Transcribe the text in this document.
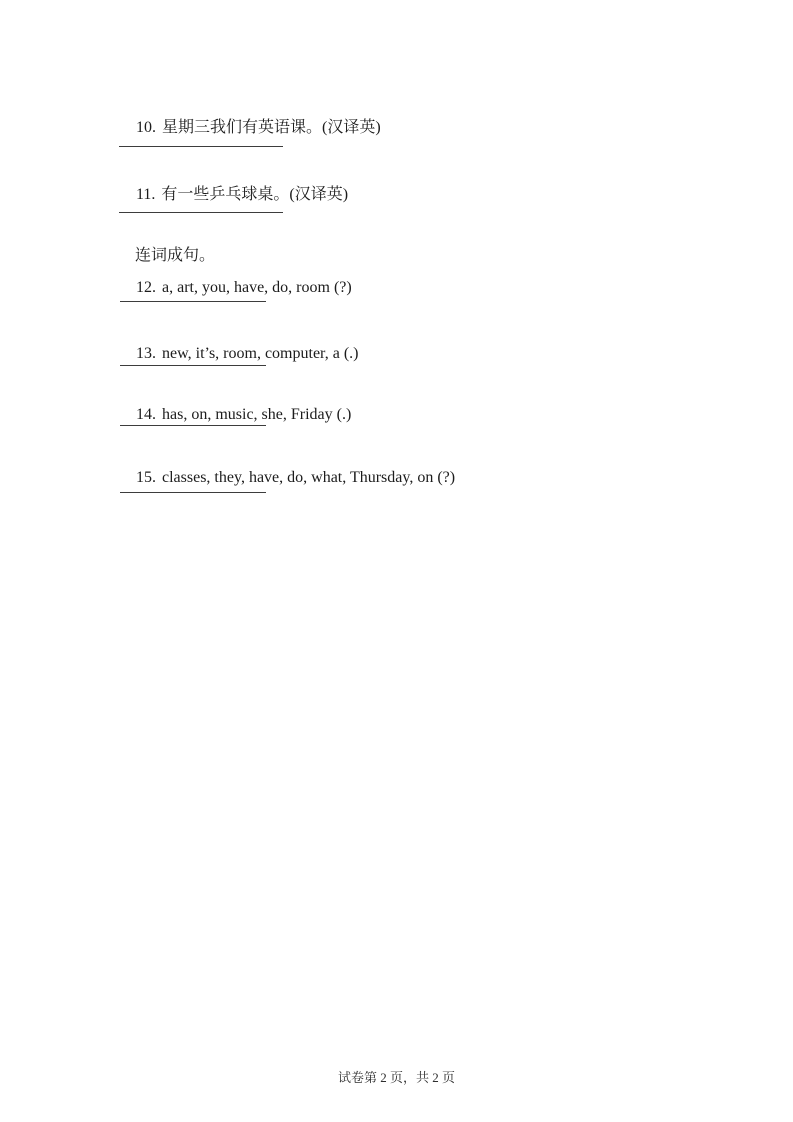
10. 星期三我们有英语课。(汉译英)

11. 有一些乒乓球桌。(汉译英)

连词成句。

12. a, art, you, have, do, room (?)

13. new, it’s, room, computer, a (.)

14. has, on, music, she, Friday (.)

15. classes, they, have, do, what, Thursday, on (?)

试卷第 2 页，共 2 页
